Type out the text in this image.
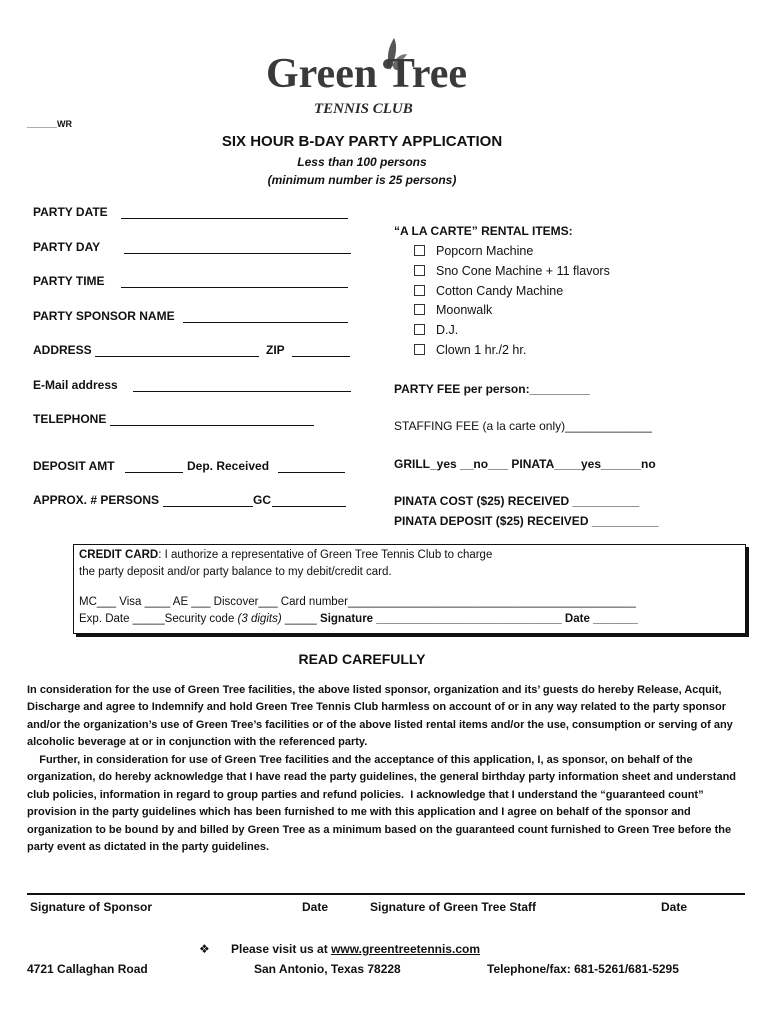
Green Tree
TENNIS CLUB
______WR
SIX HOUR B-DAY PARTY APPLICATION
Less than 100 persons
(minimum number is 25 persons)
PARTY DATE
PARTY DAY
PARTY TIME
PARTY SPONSOR NAME
ADDRESS	ZIP
E-Mail address
TELEPHONE
DEPOSIT AMT	Dep. Received
APPROX. # PERSONS	GC
“A LA CARTE” RENTAL ITEMS:
Popcorn Machine
Sno Cone Machine + 11 flavors
Cotton Candy Machine
Moonwalk
D.J.
Clown 1 hr./2 hr.
PARTY FEE per person:_________
STAFFING FEE (a la carte only)_____________
GRILL_yes __no___ PINATA____yes______no
PINATA COST ($25) RECEIVED __________
PINATA DEPOSIT ($25) RECEIVED __________
CREDIT CARD: I authorize a representative of Green Tree Tennis Club to charge
the party deposit and/or party balance to my debit/credit card.
MC___ Visa ____ AE ___ Discover___ Card number_____________________________________________
Exp. Date _____Security code (3 digits) _____ Signature _____________________________ Date _______
READ CAREFULLY
In consideration for the use of Green Tree facilities, the above listed sponsor, organization and its’ guests do hereby Release, Acquit, Discharge and agree to Indemnify and hold Green Tree Tennis Club harmless on account of or in any way related to the party sponsor and/or the organization’s use of Green Tree’s facilities or of the above listed rental items and/or the use, consumption or serving of any alcoholic beverage at or in conjunction with the referenced party.
Further, in consideration for use of Green Tree facilities and the acceptance of this application, I, as sponsor, on behalf of the organization, do hereby acknowledge that I have read the party guidelines, the general birthday party information sheet and understand club policies, information in regard to group parties and refund policies.  I acknowledge that I understand the “guaranteed count” provision in the party guidelines which has been furnished to me with this application and I agree on behalf of the sponsor and organization to be bound by and billed by Green Tree as a minimum based on the guaranteed count furnished to Green Tree before the party event as dictated in the party guidelines.
Signature of Sponsor	Date	Signature of Green Tree Staff	Date
❖ Please visit us at www.greentreetennis.com
4721 Callaghan Road	San Antonio, Texas 78228	Telephone/fax: 681-5261/681-5295
